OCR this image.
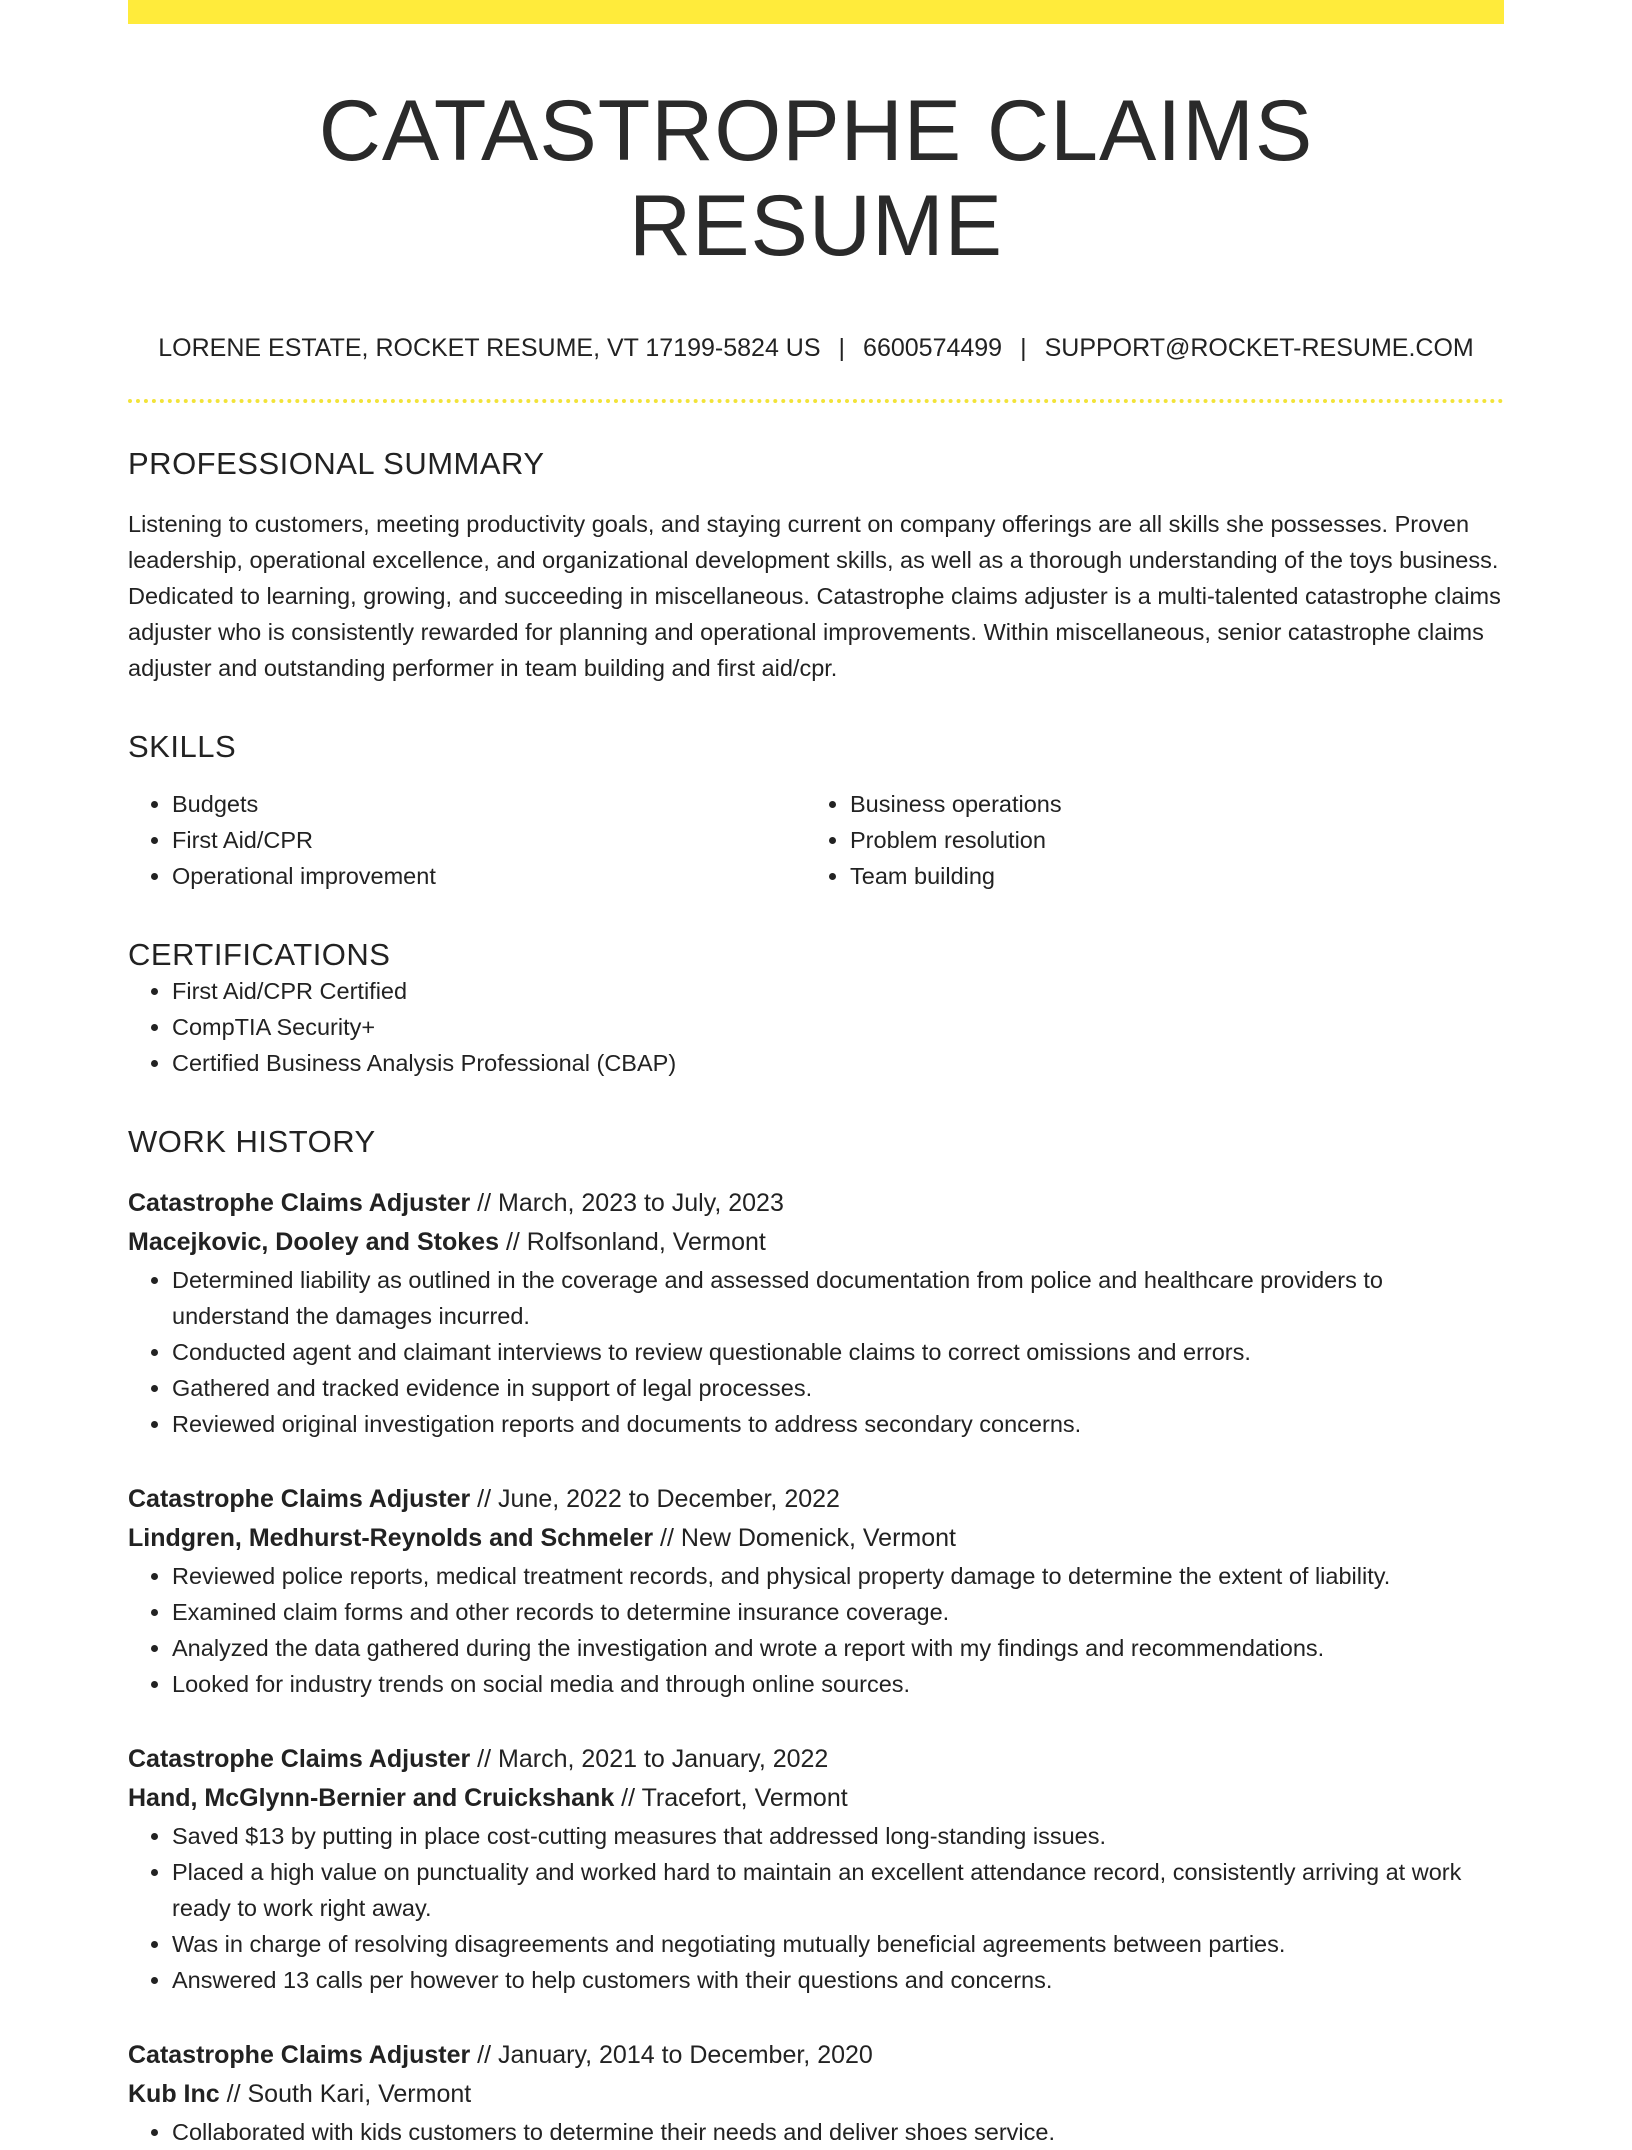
CATASTROPHE CLAIMS RESUME
LORENE ESTATE, ROCKET RESUME, VT 17199-5824 US | 6600574499 | SUPPORT@ROCKET-RESUME.COM
PROFESSIONAL SUMMARY

Listening to customers, meeting productivity goals, and staying current on company offerings are all skills she possesses. Proven leadership, operational excellence, and organizational development skills, as well as a thorough understanding of the toys business. Dedicated to learning, growing, and succeeding in miscellaneous. Catastrophe claims adjuster is a multi-talented catastrophe claims adjuster who is consistently rewarded for planning and operational improvements. Within miscellaneous, senior catastrophe claims adjuster and outstanding performer in team building and first aid/cpr.

SKILLS
• Budgets
• First Aid/CPR
• Operational improvement
• Business operations
• Problem resolution
• Team building
CERTIFICATIONS
• First Aid/CPR Certified
• CompTIA Security+
• Certified Business Analysis Professional (CBAP)
WORK HISTORY
Catastrophe Claims Adjuster // March, 2023 to July, 2023
Macejkovic, Dooley and Stokes // Rolfsonland, Vermont
• Determined liability as outlined in the coverage and assessed documentation from police and healthcare providers to understand the damages incurred.
• Conducted agent and claimant interviews to review questionable claims to correct omissions and errors.
• Gathered and tracked evidence in support of legal processes.
• Reviewed original investigation reports and documents to address secondary concerns.
Catastrophe Claims Adjuster // June, 2022 to December, 2022
Lindgren, Medhurst-Reynolds and Schmeler // New Domenick, Vermont
• Reviewed police reports, medical treatment records, and physical property damage to determine the extent of liability.
• Examined claim forms and other records to determine insurance coverage.
• Analyzed the data gathered during the investigation and wrote a report with my findings and recommendations.
• Looked for industry trends on social media and through online sources.
Catastrophe Claims Adjuster // March, 2021 to January, 2022
Hand, McGlynn-Bernier and Cruickshank // Tracefort, Vermont
• Saved $13 by putting in place cost-cutting measures that addressed long-standing issues.
• Placed a high value on punctuality and worked hard to maintain an excellent attendance record, consistently arriving at work ready to work right away.
• Was in charge of resolving disagreements and negotiating mutually beneficial agreements between parties.
• Answered 13 calls per however to help customers with their questions and concerns.
Catastrophe Claims Adjuster // January, 2014 to December, 2020
Kub Inc // South Kari, Vermont
• Collaborated with kids customers to determine their needs and deliver shoes service.
